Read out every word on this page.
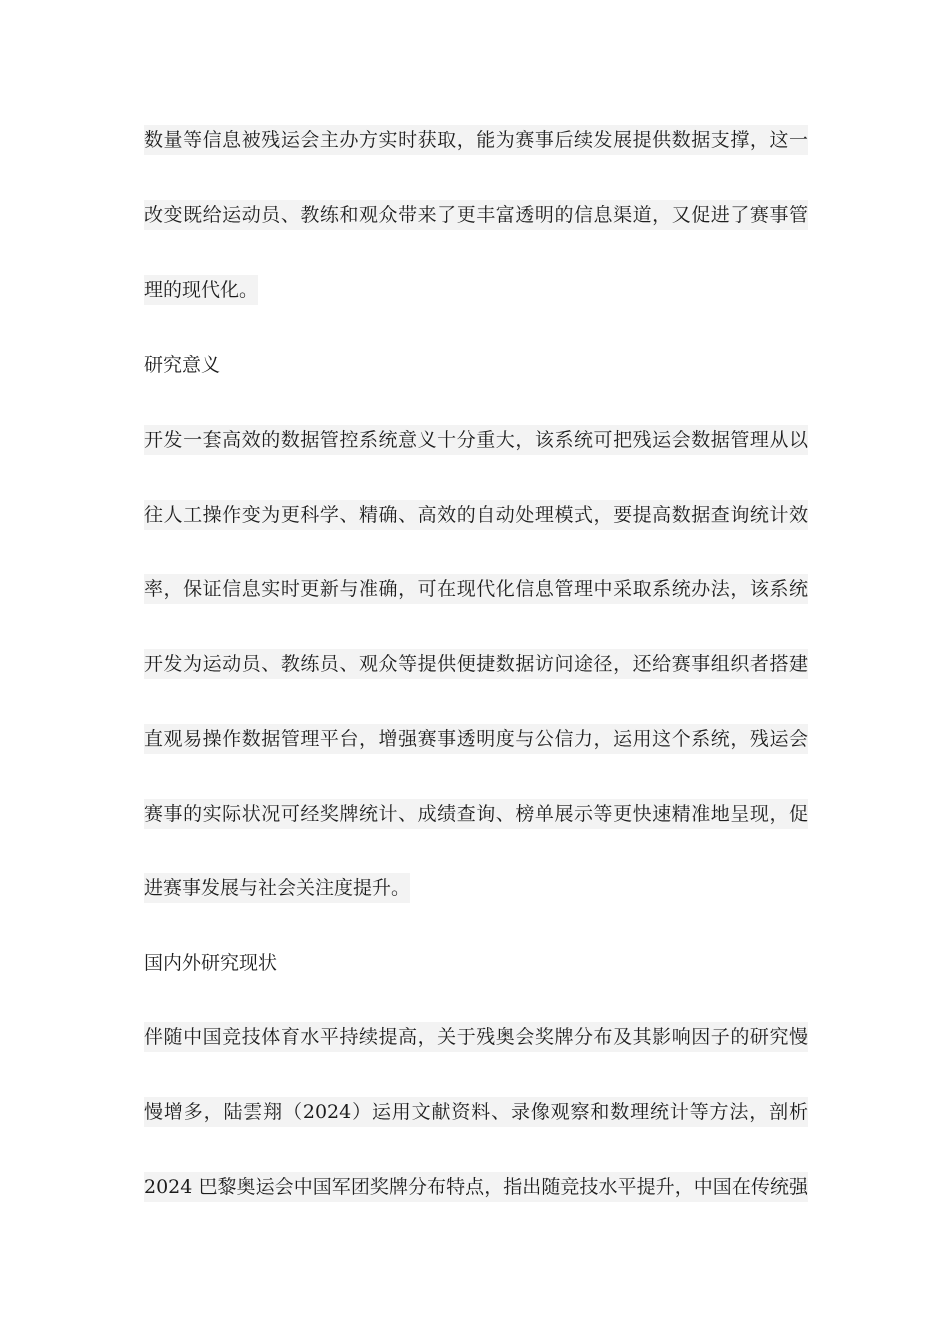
数量等信息被残运会主办方实时获取，能为赛事后续发展提供数据支撑，这一
改变既给运动员、教练和观众带来了更丰富透明的信息渠道，又促进了赛事管
理的现代化。
研究意义
开发一套高效的数据管控系统意义十分重大，该系统可把残运会数据管理从以
往人工操作变为更科学、精确、高效的自动处理模式，要提高数据查询统计效
率，保证信息实时更新与准确，可在现代化信息管理中采取系统办法，该系统
开发为运动员、教练员、观众等提供便捷数据访问途径，还给赛事组织者搭建
直观易操作数据管理平台，增强赛事透明度与公信力，运用这个系统，残运会
赛事的实际状况可经奖牌统计、成绩查询、榜单展示等更快速精准地呈现，促
进赛事发展与社会关注度提升。
国内外研究现状
伴随中国竞技体育水平持续提高，关于残奥会奖牌分布及其影响因子的研究慢
慢增多，陆雲翔（2024）运用文献资料、录像观察和数理统计等方法，剖析
2024 巴黎奥运会中国军团奖牌分布特点，指出随竞技水平提升，中国在传统强
